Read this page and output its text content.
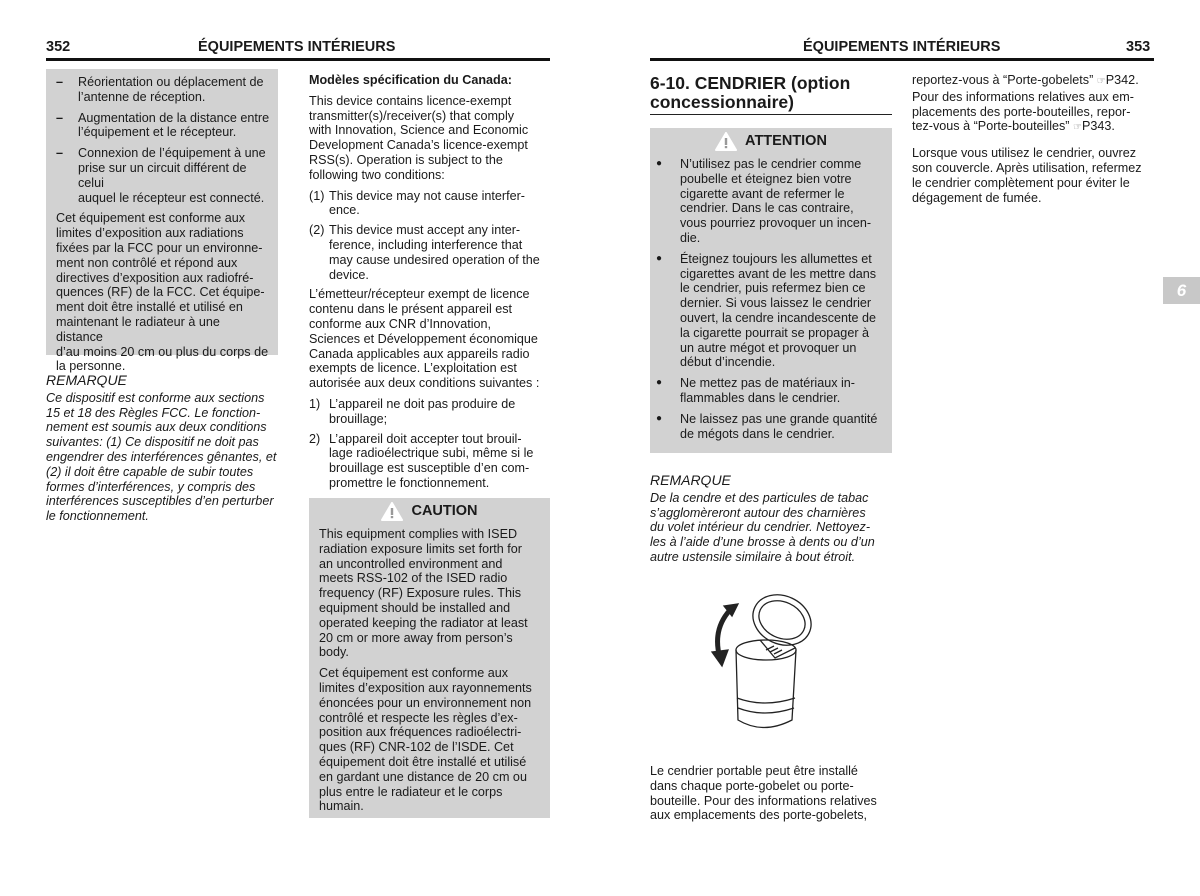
352	ÉQUIPEMENTS INTÉRIEURS
–	Réorientation ou déplacement de
l’antenne de réception.
–	Augmentation de la distance entre
l’équipement et le récepteur.
–	Connexion de l’équipement à une
prise sur un circuit différent de celui
auquel le récepteur est connecté.
Cet équipement est conforme aux
limites d’exposition aux radiations
fixées par la FCC pour un environne-
ment non contrôlé et répond aux
directives d’exposition aux radiofré-
quences (RF) de la FCC. Cet équipe-
ment doit être installé et utilisé en
maintenant le radiateur à une distance
d’au moins 20 cm ou plus du corps de
la personne.
REMARQUE
Ce dispositif est conforme aux sections
15 et 18 des Règles FCC. Le fonction-
nement est soumis aux deux conditions
suivantes: (1) Ce dispositif ne doit pas
engendrer des interférences gênantes, et
(2) il doit être capable de subir toutes
formes d’interférences, y compris des
interférences susceptibles d’en perturber
le fonctionnement.
Modèles spécification du Canada:
This device contains licence-exempt
transmitter(s)/receiver(s) that comply
with Innovation, Science and Economic
Development Canada’s licence-exempt
RSS(s). Operation is subject to the
following two conditions:
(1) This device may not cause interfer-
ence.
(2) This device must accept any inter-
ference, including interference that
may cause undesired operation of the
device.
L’émetteur/récepteur exempt de licence
contenu dans le présent appareil est
conforme aux CNR d’Innovation,
Sciences et Développement économique
Canada applicables aux appareils radio
exempts de licence. L’exploitation est
autorisée aux deux conditions suivantes :
1) L’appareil ne doit pas produire de
brouillage;
2) L’appareil doit accepter tout brouil-
lage radioélectrique subi, même si le
brouillage est susceptible d’en com-
promettre le fonctionnement.
CAUTION
This equipment complies with ISED
radiation exposure limits set forth for
an uncontrolled environment and
meets RSS-102 of the ISED radio
frequency (RF) Exposure rules. This
equipment should be installed and
operated keeping the radiator at least
20 cm or more away from person’s
body.
Cet équipement est conforme aux
limites d’exposition aux rayonnements
énoncées pour un environnement non
contrôlé et respecte les règles d’ex-
position aux fréquences radioélectri-
ques (RF) CNR-102 de l’ISDE. Cet
équipement doit être installé et utilisé
en gardant une distance de 20 cm ou
plus entre le radiateur et le corps
humain.
ÉQUIPEMENTS INTÉRIEURS	353
6-10. CENDRIER (option
concessionnaire)
ATTENTION
●	N’utilisez pas le cendrier comme
poubelle et éteignez bien votre
cigarette avant de refermer le
cendrier. Dans le cas contraire,
vous pourriez provoquer un incen-
die.
●	Éteignez toujours les allumettes et
cigarettes avant de les mettre dans
le cendrier, puis refermez bien ce
dernier. Si vous laissez le cendrier
ouvert, la cendre incandescente de
la cigarette pourrait se propager à
un autre mégot et provoquer un
début d’incendie.
●	Ne mettez pas de matériaux in-
flammables dans le cendrier.
●	Ne laissez pas une grande quantité
de mégots dans le cendrier.
REMARQUE
De la cendre et des particules de tabac
s’agglomèreront autour des charnières
du volet intérieur du cendrier. Nettoyez-
les à l’aide d’une brosse à dents ou d’un
autre ustensile similaire à bout étroit.
Le cendrier portable peut être installé
dans chaque porte-gobelet ou porte-
bouteille. Pour des informations relatives
aux emplacements des porte-gobelets,
reportez-vous à “Porte-gobelets” ☞P342.
Pour des informations relatives aux em-
placements des porte-bouteilles, repor-
tez-vous à “Porte-bouteilles” ☞P343.
Lorsque vous utilisez le cendrier, ouvrez
son couvercle. Après utilisation, refermez
le cendrier complètement pour éviter le
dégagement de fumée.
6
